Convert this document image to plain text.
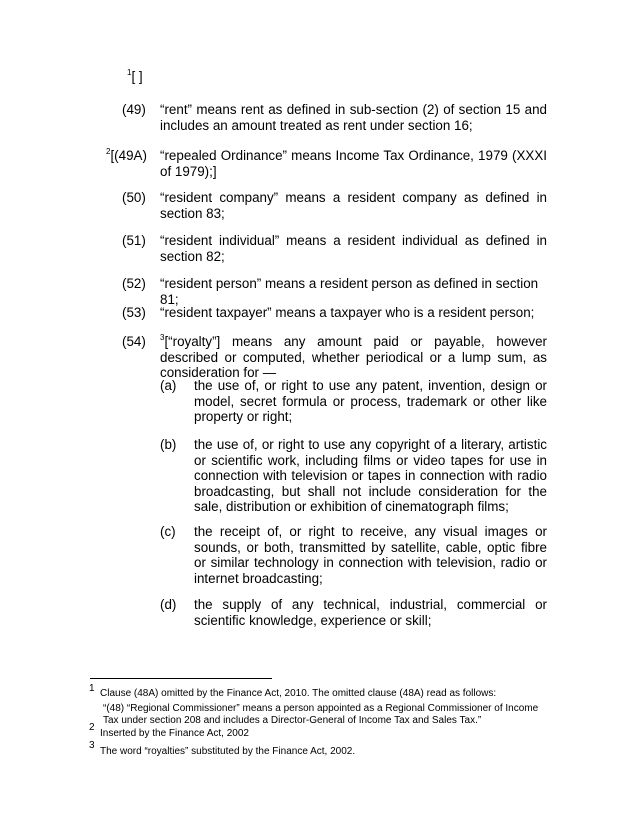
$^1$[ ]
(49) “rent” means rent as defined in sub-section (2) of section 15 and includes an amount treated as rent under section 16;
$^2$[(49A) “repealed Ordinance” means Income Tax Ordinance, 1979 (XXXI of 1979);]
(50) “resident company” means a resident company as defined in section 83;
(51) “resident individual” means a resident individual as defined in section 82;
(52) “resident person” means a resident person as defined in section 81;
(53) “resident taxpayer” means a taxpayer who is a resident person;
(54) $^3$[“royalty”] means any amount paid or payable, however described or computed, whether periodical or a lump sum, as consideration for —
(a) the use of, or right to use any patent, invention, design or model, secret formula or process, trademark or other like property or right;
(b) the use of, or right to use any copyright of a literary, artistic or scientific work, including films or video tapes for use in connection with television or tapes in connection with radio broadcasting, but shall not include consideration for the sale, distribution or exhibition of cinematograph films;
(c) the receipt of, or right to receive, any visual images or sounds, or both, transmitted by satellite, cable, optic fibre or similar technology in connection with television, radio or internet broadcasting;
(d) the supply of any technical, industrial, commercial or scientific knowledge, experience or skill;
1 Clause (48A) omitted by the Finance Act, 2010. The omitted clause (48A) read as follows:
“(48) “Regional Commissioner” means a person appointed as a Regional Commissioner of Income Tax under section 208 and includes a Director-General of Income Tax and Sales Tax.”
2
Inserted by the Finance Act, 2002
3
The word “royalties” substituted by the Finance Act, 2002.
